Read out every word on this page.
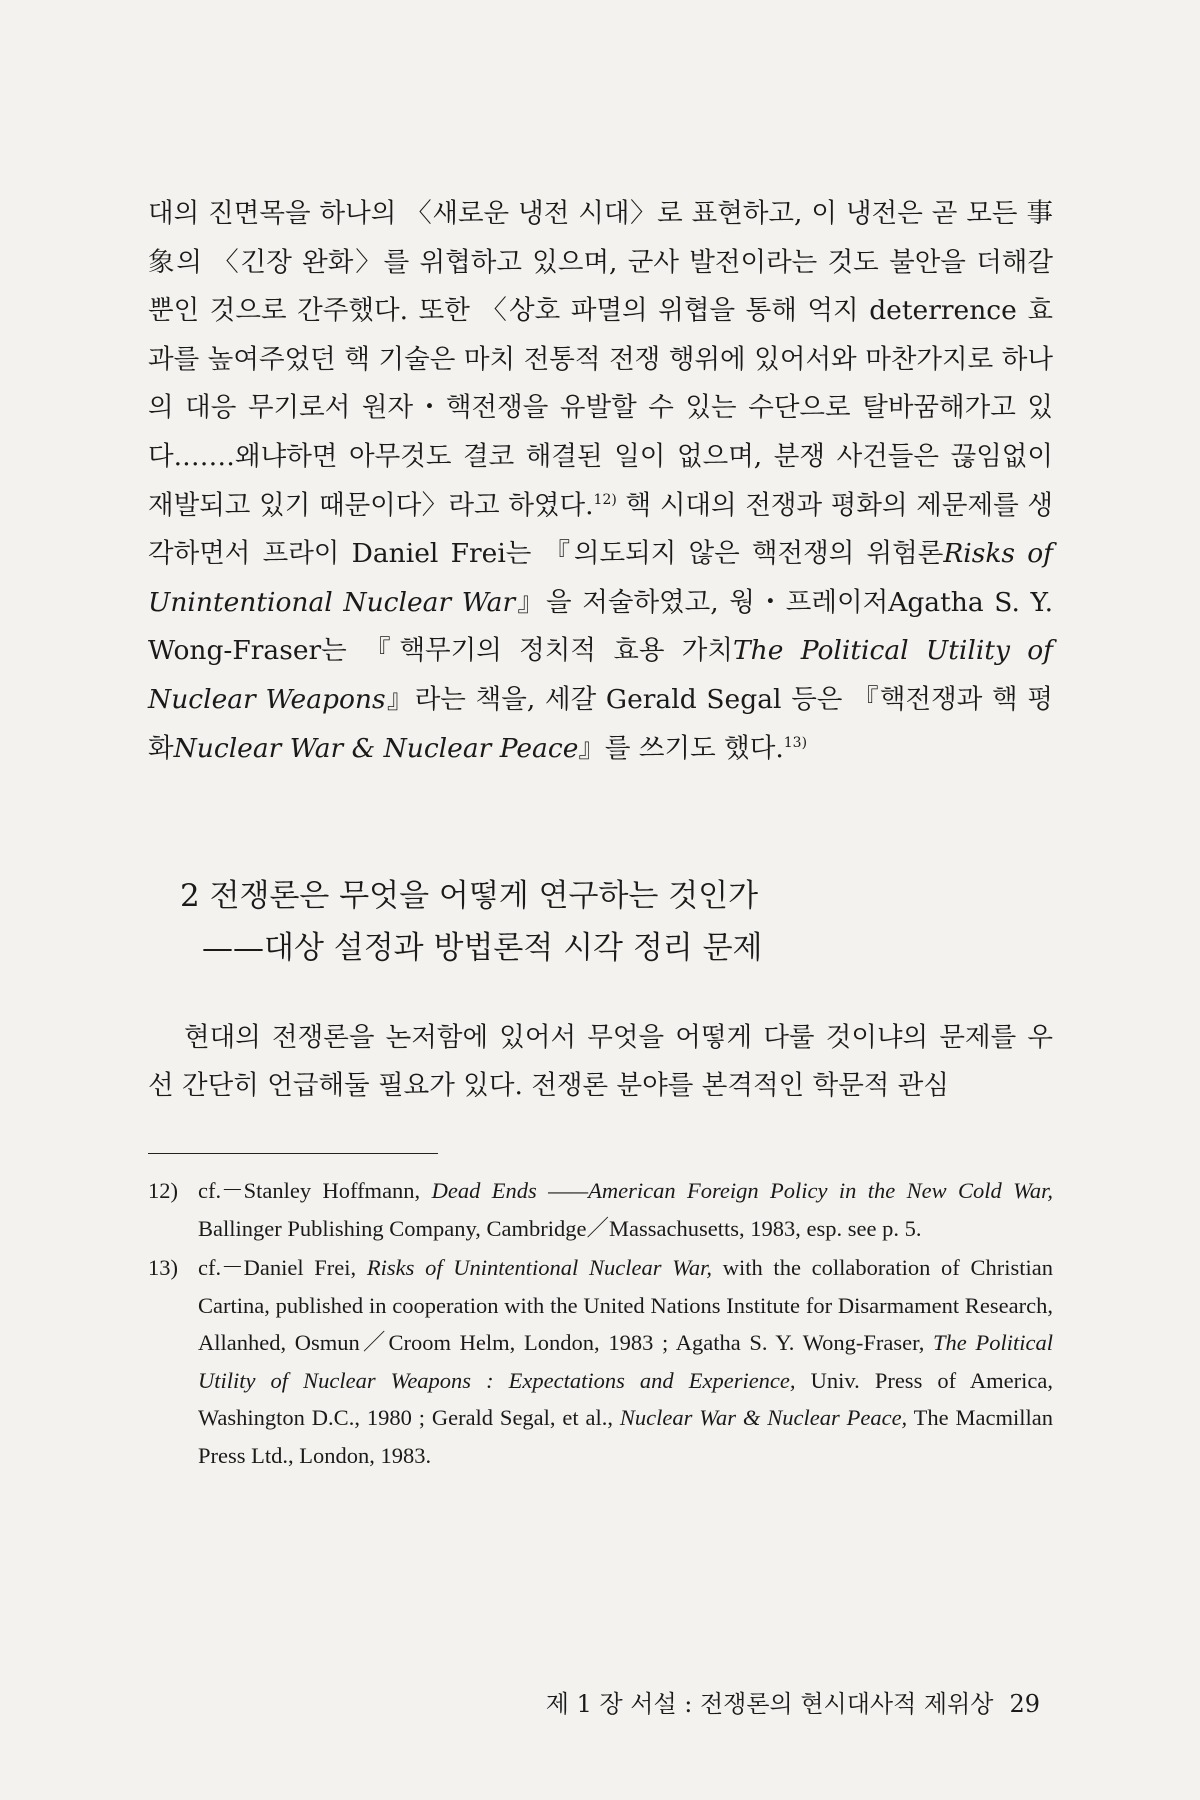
대의 진면목을 하나의 〈새로운 냉전 시대〉로 표현하고, 이 냉전은 곧 모든 事象의 〈긴장 완화〉를 위협하고 있으며, 군사 발전이라는 것도 불안을 더해갈 뿐인 것으로 간주했다. 또한 〈상호 파멸의 위협을 통해 억지 deterrence 효과를 높여주었던 핵 기술은 마치 전통적 전쟁 행위에 있어서와 마찬가지로 하나의 대응 무기로서 원자・핵전쟁을 유발할 수 있는 수단으로 탈바꿈해가고 있다.……왜냐하면 아무것도 결코 해결된 일이 없으며, 분쟁 사건들은 끊임없이 재발되고 있기 때문이다〉라고 하였다.$^{12)}$ 핵 시대의 전쟁과 평화의 제문제를 생각하면서 프라이 Daniel Frei는 『의도되지 않은 핵전쟁의 위험론Risks of Unintentional Nuclear War』을 저술하였고, 웡・프레이저Agatha S. Y. Wong-Fraser는 『핵무기의 정치적 효용 가치The Political Utility of Nuclear Weapons』라는 책을, 세갈 Gerald Segal 등은 『핵전쟁과 핵 평화Nuclear War & Nuclear Peace』를 쓰기도 했다.$^{13)}$

2 전쟁론은 무엇을 어떻게 연구하는 것인가
——대상 설정과 방법론적 시각 정리 문제

현대의 전쟁론을 논저함에 있어서 무엇을 어떻게 다룰 것이냐의 문제를 우선 간단히 언급해둘 필요가 있다. 전쟁론 분야를 본격적인 학문적 관심

12) cf.－Stanley Hoffmann, Dead Ends ——American Foreign Policy in the New Cold War, Ballinger Publishing Company, Cambridge／Massachusetts, 1983, esp. see p. 5.
13) cf.－Daniel Frei, Risks of Unintentional Nuclear War, with the collaboration of Christian Cartina, published in cooperation with the United Nations Institute for Disarmament Research, Allanhed, Osmun／Croom Helm, London, 1983 ; Agatha S. Y. Wong-Fraser, The Political Utility of Nuclear Weapons : Expectations and Experience, Univ. Press of America, Washington D.C., 1980 ; Gerald Segal, et al., Nuclear War & Nuclear Peace, The Macmillan Press Ltd., London, 1983.
제 1 장 서설 : 전쟁론의 현시대사적 제위상 29
